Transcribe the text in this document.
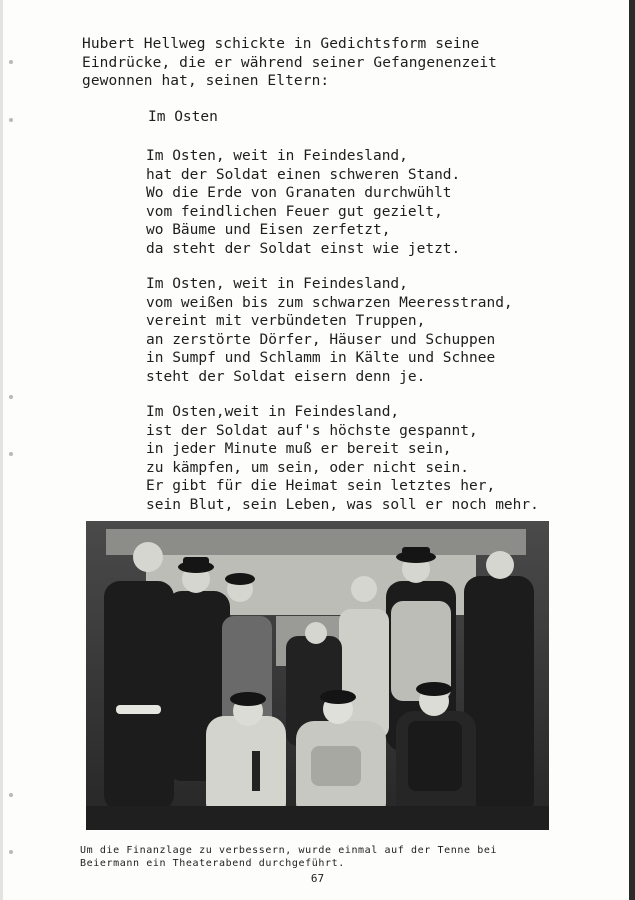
Hubert Hellweg schickte in Gedichtsform seine
Eindrücke, die er während seiner Gefangenenzeit
gewonnen hat, seinen Eltern:
Im Osten
Im Osten, weit in Feindesland,
hat der Soldat einen schweren Stand.
Wo die Erde von Granaten durchwühlt
vom feindlichen Feuer gut gezielt,
wo Bäume und Eisen zerfetzt,
da steht der Soldat einst wie jetzt.
Im Osten, weit in Feindesland,
vom weißen bis zum schwarzen Meeresstrand,
vereint mit verbündeten Truppen,
an zerstörte Dörfer, Häuser und Schuppen
in Sumpf und Schlamm in Kälte und Schnee
steht der Soldat eisern denn je.
Im Osten,weit in Feindesland,
ist der Soldat auf's höchste gespannt,
in jeder Minute muß er bereit sein,
zu kämpfen, um sein, oder nicht sein.
Er gibt für die Heimat sein letztes her,
sein Blut, sein Leben, was soll er noch mehr.
Um die Finanzlage zu verbessern, wurde einmal auf der Tenne bei
Beiermann ein Theaterabend durchgeführt.
67
